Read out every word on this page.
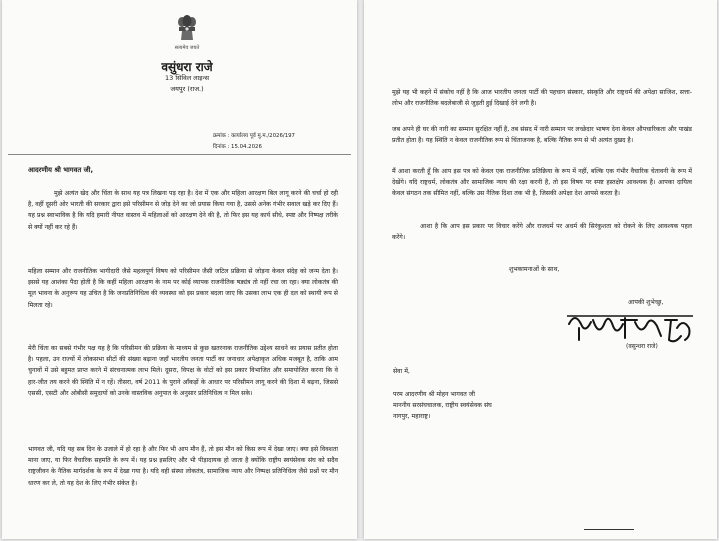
सत्यमेव जयते
वसुंधरा राजे
13 सिविल लाइन्स
जयपुर (राज.)
क्रमांक : कार्यालय पूर्व मु.म./2026/197
दिनांक : 15.04.2026
आदरणीय श्री भागवत जी,

मुझे अत्यंत खेद और चिंता के साथ यह पत्र लिखना पड़ रहा है। देश में एक और महिला आरक्षण बिल लागू करने की चर्चा हो रही है, वहीं दूसरी ओर भारती की सरकार द्वारा इसे परिसीमन से जोड़ देने का जो प्रयास किया गया है, उससे अनेक गंभीर सवाल खड़े कर दिए हैं। यह प्रश्न स्वाभाविक है कि यदि हमारी नीयत वास्तव में महिलाओं को आरक्षण देने की है, तो फिर इस यह कार्य सीधे, स्पष्ट और निष्पक्ष तरीके से क्यों नहीं कर रहे हैं।

महिला सम्मान और राजनीतिक भागीदारी जैसे महत्वपूर्ण विषय को परिसीमन जैसी जटिल प्रक्रिया से जोड़ना केवल संदेह को जन्म देता है। इससे यह आशंका पैदा होती है कि कहीं महिला आरक्षण के नाम पर कोई व्यापक राजनीतिक षड्यंत्र तो नहीं रचा जा रहा। क्या लोकतंत्र की मूल भावना के अनुरूप यह उचित है कि जनप्रतिनिधित्व की व्यवस्था को इस प्रकार बदला जाए कि उसका लाभ एक ही दल को स्थायी रूप से मिलता रहे।

मेरी चिंता का सबसे गंभीर पक्ष यह है कि परिसीमन की प्रक्रिया के माध्यम से कुछ खतरनाक राजनीतिक उद्देश्य साधने का प्रयास प्रतीत होता है। पहला, उन राज्यों में लोकसभा सीटों की संख्या बढ़ाना जहाँ भारतीय जनता पार्टी का जनाधार अपेक्षाकृत अधिक मजबूत है, ताकि आम चुनावों में उसे बहुमत प्राप्त करने में संरचनात्मक लाभ मिले। दूसरा, विपक्ष के वोटों को इस प्रकार विभाजित और समायोजित करना कि वे हार-जीत तय करने की स्थिति में न रहें। तीसरा, वर्ष 2011 के पुराने आँकड़ों के आधार पर परिसीमन लागू करने की दिशा में बढ़ना, जिससे एससी, एसटी और ओबीसी समुदायों को उनके वास्तविक अनुपात के अनुसार प्रतिनिधित्व न मिल सके।

भागवत जी, यदि यह सब दिन के उजाले में हो रहा है और फिर भी आप मौन हैं, तो इस मौन को किस रूप में देखा जाए। क्या इसे विवशता माना जाए, या फिर वैचारिक सहमति के रूप में। यह प्रश्न इसलिए और भी पीड़ादायक हो जाता है क्योंकि राष्ट्रीय स्वयंसेवक संघ को सदैव राष्ट्रजीवन के नैतिक मार्गदर्शक के रूप में देखा गया है। यदि वही संस्था लोकतंत्र, सामाजिक न्याय और निष्पक्ष प्रतिनिधित्व जैसे प्रश्नों पर मौन धारण कर ले, तो यह देश के लिए गंभीर संकेत है।

मुझे यह भी कहने में संकोच नहीं है कि आज भारतीय जनता पार्टी की पहचान संस्कार, संस्कृति और राष्ट्रधर्म की अपेक्षा साजिश, सत्ता-लोभ और राजनीतिक बदलेबाजी से जुड़ती हुई दिखाई देने लगी है।

जब अपने ही घर की नारी का सम्मान सुरक्षित नहीं है, तब संसद में नारी सम्मान पर लच्छेदार भाषण देना केवल औपचारिकता और पाखंड प्रतीत होता है। यह स्थिति न केवल राजनीतिक रूप से चिंताजनक है, बल्कि नैतिक रूप से भी अत्यंत दुखद है।

मैं आशा करती हूँ कि आप इस पत्र को केवल एक राजनीतिक प्रतिक्रिया के रूप में नहीं, बल्कि एक गंभीर वैचारिक चेतावनी के रूप में देखेंगे। यदि राष्ट्रधर्म, लोकतंत्र और सामाजिक न्याय की रक्षा करनी है, तो इस विषय पर स्पष्ट हस्तक्षेप आवश्यक है। आपका दायित्व केवल संगठन तक सीमित नहीं, बल्कि उस नैतिक दिशा तक भी है, जिसकी अपेक्षा देश आपसे करता है।

आशा है कि आप इस प्रकार पर विचार करेंगे और राजधर्म पर अधर्म की सिरंकुशता को रोकने के लिए आवश्यक पहल करेंगे।

शुभकामनाओं के साथ,
आपकी शुभेच्छु,
सेवा में,
परम आदरणीय श्री मोहन भागवत जी
माननीय सरसंघचालक, राष्ट्रीय स्वयंसेवक संघ
नागपुर, महाराष्ट्र।
(वसुन्धरा राजे)
